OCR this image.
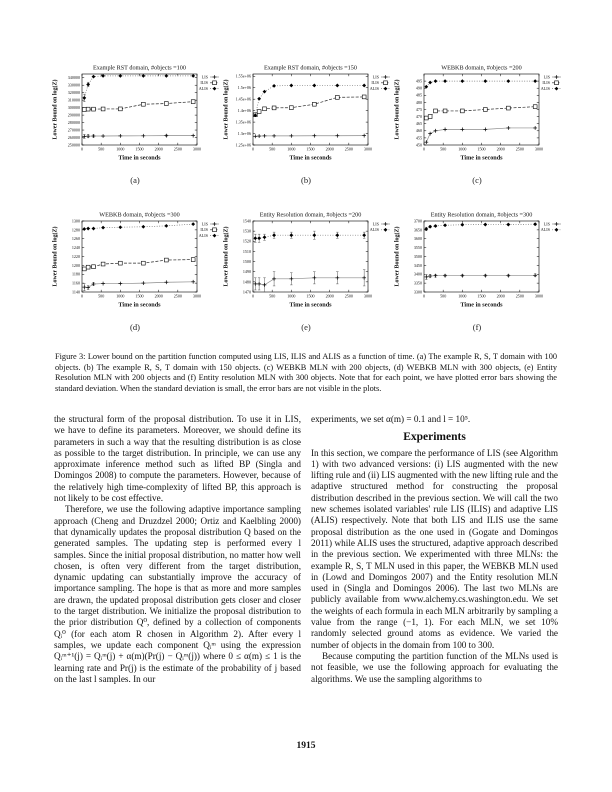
Example RST domain, #objects =100
0	500	1000	1500	2000	2500	3000
250000
260000
270000
280000
290000
300000
310000
320000
330000
340000
Time in seconds
Lower Bound on log(Z)
LIS
ILIS
ALIS
(a)
Example RST domain, #objects =150
0	500	1000	1500	2000	2500	3000
1.25e+06
1.3e+06
1.35e+06
1.4e+06
1.45e+06
1.5e+06
1.55e+06
Time in seconds
Lower Bound on log(Z)
LIS
ILIS
ALIS
(b)
WEBKB domain, #objects =200
0	500	1000	1500	2000	2500	3000
450
455
460
465
470
475
480
485
490
495
Time in seconds
Lower Bound on log(Z)
LIS
ILIS
ALIS
(c)
WEBKB domain, #objects =300
0	500	1000	1500	2000	2500	3000
1140
1160
1180
1200
1220
1240
1260
1280
1300
Time in seconds
Lower Bound on log(Z)
LIS
ILIS
ALIS
(d)
Entity Resolution domain, #objects =200
0	500	1000	1500	2000	2500	3000
1470
1480
1490
1500
1510
1520
1530
1540
Time in seconds
Lower Bound on log(Z)
LIS
ALIS
(e)
Entity Resolution domain, #objects =300
0	500	1000	1500	2000	2500	3000
3300
3350
3400
3450
3500
3550
3600
3650
3700
Time in seconds
Lower Bound on log(Z)
LIS
ALIS
(f)
Figure 3: Lower bound on the partition function computed using LIS, ILIS and ALIS as a function of time. (a) The example R, S, T domain with 100 objects. (b) The example R, S, T domain with 150 objects. (c) WEBKB MLN with 200 objects, (d) WEBKB MLN with 300 objects, (e) Entity Resolution MLN with 200 objects and (f) Entity resolution MLN with 300 objects. Note that for each point, we have plotted error bars showing the standard deviation. When the standard deviation is small, the error bars are not visible in the plots.

the structural form of the proposal distribution. To use it in LIS, we have to define its parameters. Moreover, we should define its parameters in such a way that the resulting distribution is as close as possible to the target distribution. In principle, we can use any approximate inference method such as lifted BP (Singla and Domingos 2008) to compute the parameters. However, because of the relatively high time-complexity of lifted BP, this approach is not likely to be cost effective.

Therefore, we use the following adaptive importance sampling approach (Cheng and Druzdzel 2000; Ortiz and Kaelbling 2000) that dynamically updates the proposal distribution Q based on the generated samples. The updating step is performed every l samples. Since the initial proposal distribution, no matter how well chosen, is often very different from the target distribution, dynamic updating can substantially improve the accuracy of importance sampling. The hope is that as more and more samples are drawn, the updated proposal distribution gets closer and closer to the target distribution. We initialize the proposal distribution to the prior distribution Q⁰, defined by a collection of components Qᵢ⁰ (for each atom R chosen in Algorithm 2). After every l samples, we update each component Qᵢᵐ using the expression Qᵢᵐ⁺¹(j) = Qᵢᵐ(j) + α(m)(Pr(j) − Qᵢᵐ(j)) where 0 ≤ α(m) ≤ 1 is the learning rate and Pr(j) is the estimate of the probability of j based on the last l samples. In our

experiments, we set α(m) = 0.1 and l = 10⁵.

Experiments

In this section, we compare the performance of LIS (see Algorithm 1) with two advanced versions: (i) LIS augmented with the new lifting rule and (ii) LIS augmented with the new lifting rule and the adaptive structured method for constructing the proposal distribution described in the previous section. We will call the two new schemes isolated variables' rule LIS (ILIS) and adaptive LIS (ALIS) respectively. Note that both LIS and ILIS use the same proposal distribution as the one used in (Gogate and Domingos 2011) while ALIS uses the structured, adaptive approach described in the previous section. We experimented with three MLNs: the example R, S, T MLN used in this paper, the WEBKB MLN used in (Lowd and Domingos 2007) and the Entity resolution MLN used in (Singla and Domingos 2006). The last two MLNs are publicly available from www.alchemy.cs.washington.edu. We set the weights of each formula in each MLN arbitrarily by sampling a value from the range (−1, 1). For each MLN, we set 10% randomly selected ground atoms as evidence. We varied the number of objects in the domain from 100 to 300.

Because computing the partition function of the MLNs used is not feasible, we use the following approach for evaluating the algorithms. We use the sampling algorithms to

1915
